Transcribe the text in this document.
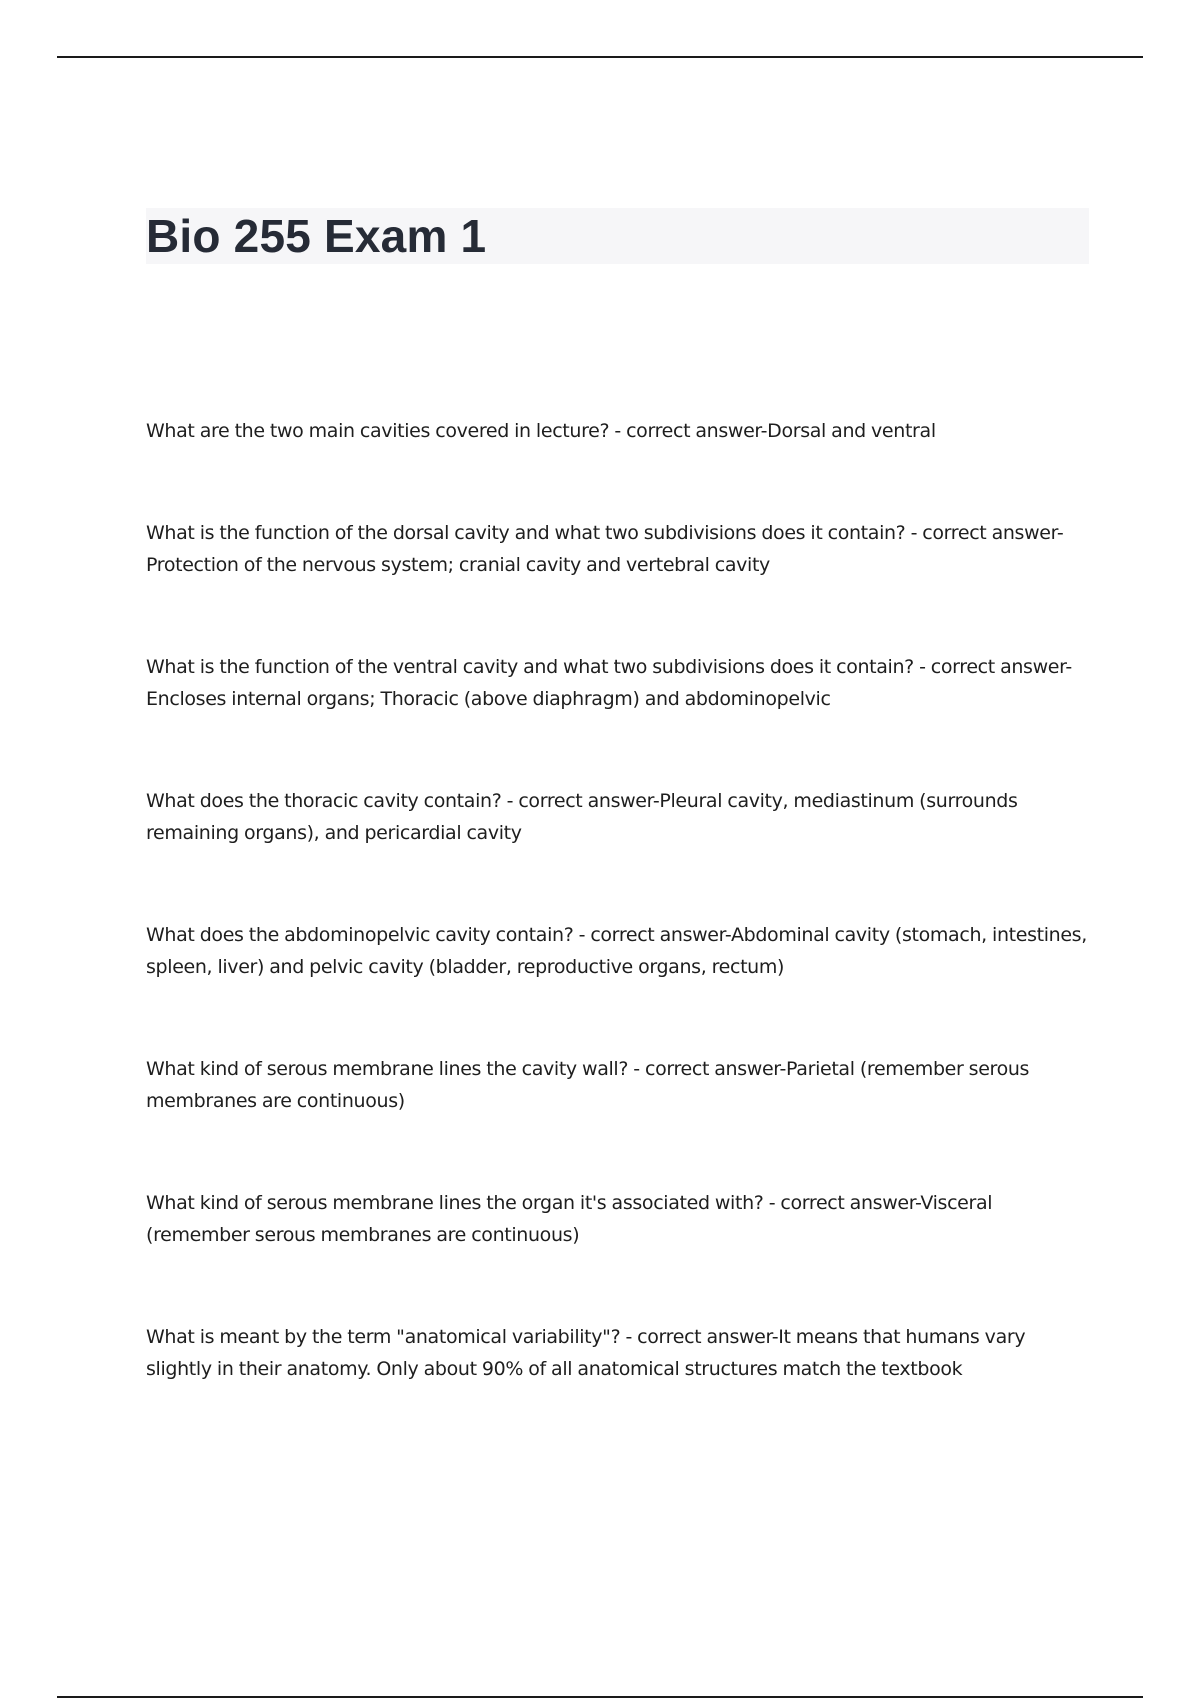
Bio 255 Exam 1
What are the two main cavities covered in lecture? - correct answer-Dorsal and ventral
What is the function of the dorsal cavity and what two subdivisions does it contain? - correct answer-Protection of the nervous system; cranial cavity and vertebral cavity
What is the function of the ventral cavity and what two subdivisions does it contain? - correct answer-Encloses internal organs; Thoracic (above diaphragm) and abdominopelvic
What does the thoracic cavity contain? - correct answer-Pleural cavity, mediastinum (surrounds remaining organs), and pericardial cavity
What does the abdominopelvic cavity contain? - correct answer-Abdominal cavity (stomach, intestines, spleen, liver) and pelvic cavity (bladder, reproductive organs, rectum)
What kind of serous membrane lines the cavity wall? - correct answer-Parietal (remember serous membranes are continuous)
What kind of serous membrane lines the organ it's associated with? - correct answer-Visceral (remember serous membranes are continuous)
What is meant by the term "anatomical variability"? - correct answer-It means that humans vary slightly in their anatomy. Only about 90% of all anatomical structures match the textbook
